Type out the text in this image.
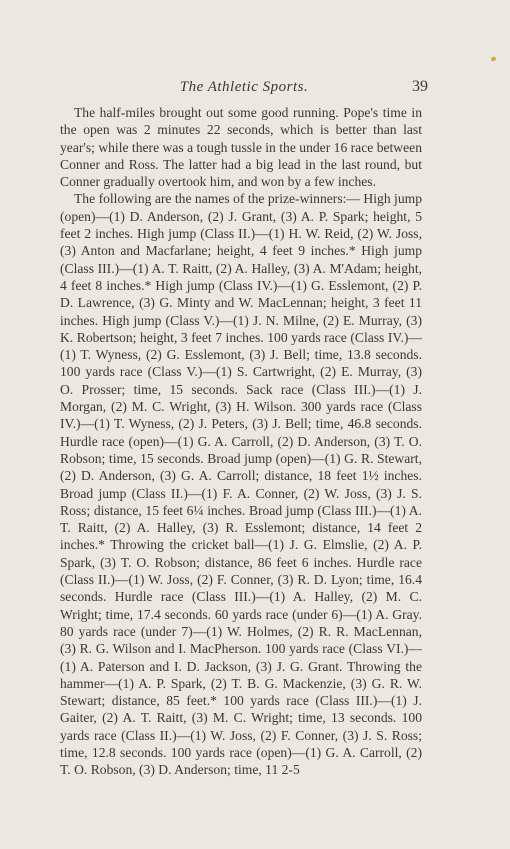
The Athletic Sports.	39

The half-miles brought out some good running. Pope's time in the open was 2 minutes 22 seconds, which is better than last year's; while there was a tough tussle in the under 16 race between Conner and Ross. The latter had a big lead in the last round, but Conner gradually overtook him, and won by a few inches.

The following are the names of the prize-winners:— High jump (open)—(1) D. Anderson, (2) J. Grant, (3) A. P. Spark; height, 5 feet 2 inches. High jump (Class II.)—(1) H. W. Reid, (2) W. Joss, (3) Anton and Macfarlane; height, 4 feet 9 inches.* High jump (Class III.)—(1) A. T. Raitt, (2) A. Halley, (3) A. M'Adam; height, 4 feet 8 inches.* High jump (Class IV.)—(1) G. Esslemont, (2) P. D. Lawrence, (3) G. Minty and W. MacLennan; height, 3 feet 11 inches. High jump (Class V.)—(1) J. N. Milne, (2) E. Murray, (3) K. Robertson; height, 3 feet 7 inches. 100 yards race (Class IV.)—(1) T. Wyness, (2) G. Esslemont, (3) J. Bell; time, 13.8 seconds. 100 yards race (Class V.)—(1) S. Cartwright, (2) E. Murray, (3) O. Prosser; time, 15 seconds. Sack race (Class III.)—(1) J. Morgan, (2) M. C. Wright, (3) H. Wilson. 300 yards race (Class IV.)—(1) T. Wyness, (2) J. Peters, (3) J. Bell; time, 46.8 seconds. Hurdle race (open)—(1) G. A. Carroll, (2) D. Anderson, (3) T. O. Robson; time, 15 seconds. Broad jump (open)—(1) G. R. Stewart, (2) D. Anderson, (3) G. A. Carroll; distance, 18 feet 1½ inches. Broad jump (Class II.)—(1) F. A. Conner, (2) W. Joss, (3) J. S. Ross; distance, 15 feet 6¼ inches. Broad jump (Class III.)—(1) A. T. Raitt, (2) A. Halley, (3) R. Esslemont; distance, 14 feet 2 inches.* Throwing the cricket ball—(1) J. G. Elmslie, (2) A. P. Spark, (3) T. O. Robson; distance, 86 feet 6 inches. Hurdle race (Class II.)—(1) W. Joss, (2) F. Conner, (3) R. D. Lyon; time, 16.4 seconds. Hurdle race (Class III.)—(1) A. Halley, (2) M. C. Wright; time, 17.4 seconds. 60 yards race (under 6)—(1) A. Gray. 80 yards race (under 7)—(1) W. Holmes, (2) R. R. MacLennan, (3) R. G. Wilson and I. MacPherson. 100 yards race (Class VI.)—(1) A. Paterson and I. D. Jackson, (3) J. G. Grant. Throwing the hammer—(1) A. P. Spark, (2) T. B. G. Mackenzie, (3) G. R. W. Stewart; distance, 85 feet.* 100 yards race (Class III.)—(1) J. Gaiter, (2) A. T. Raitt, (3) M. C. Wright; time, 13 seconds. 100 yards race (Class II.)—(1) W. Joss, (2) F. Conner, (3) J. S. Ross; time, 12.8 seconds. 100 yards race (open)—(1) G. A. Carroll, (2) T. O. Robson, (3) D. Anderson; time, 11 2-5
